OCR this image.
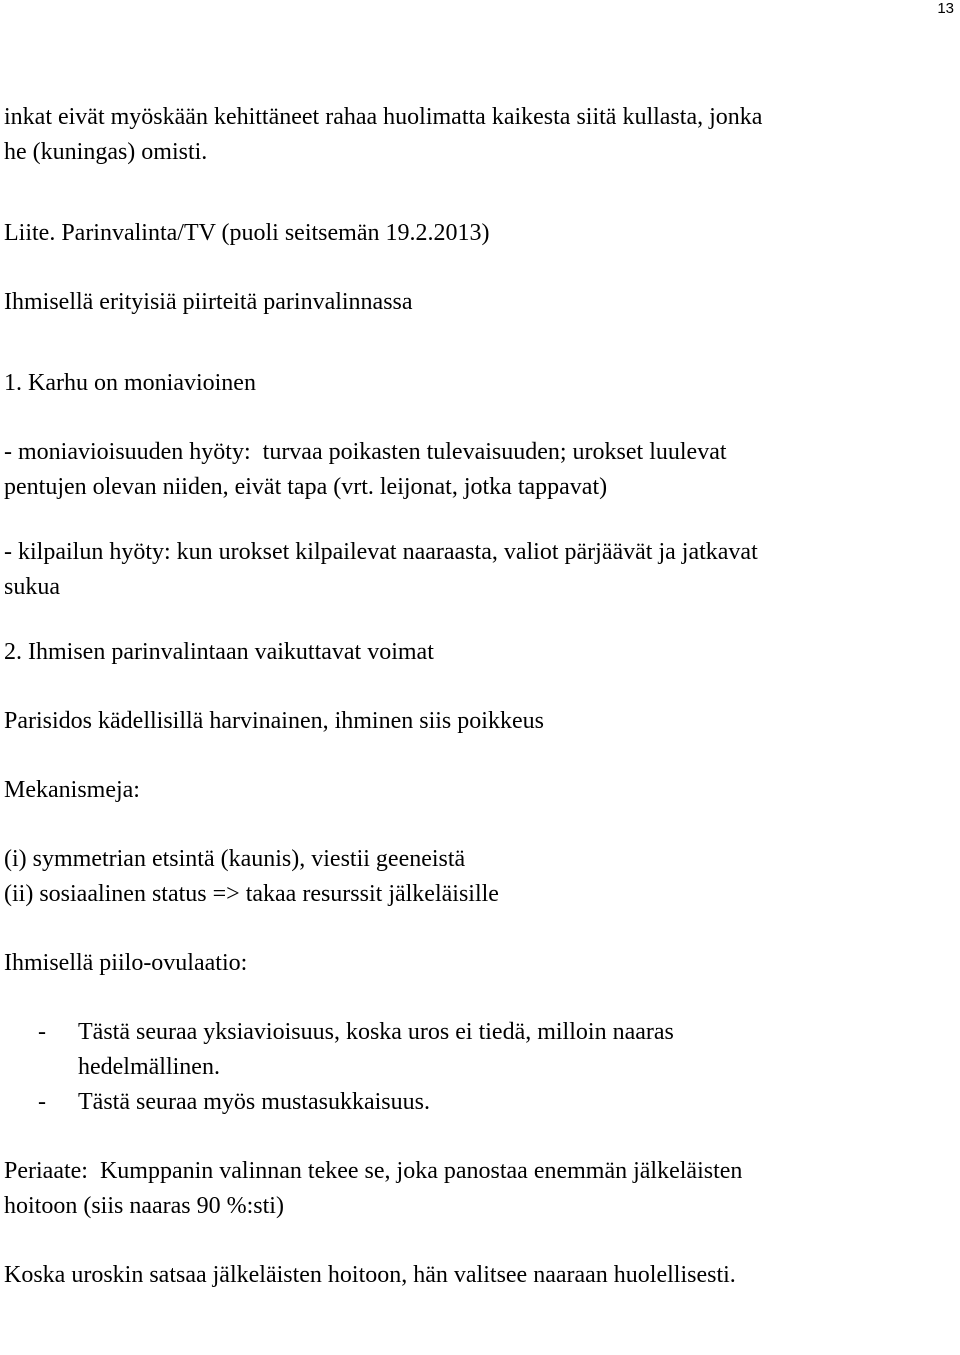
13

inkat eivät myöskään kehittäneet rahaa huolimatta kaikesta siitä kullasta, jonka
he (kuningas) omisti.

Liite. Parinvalinta/TV (puoli seitsemän 19.2.2013)

Ihmisellä erityisiä piirteitä parinvalinnassa

1. Karhu on moniavioinen

- moniavioisuuden hyöty:  turvaa poikasten tulevaisuuden; urokset luulevat
pentujen olevan niiden, eivät tapa (vrt. leijonat, jotka tappavat)

- kilpailun hyöty: kun urokset kilpailevat naaraasta, valiot pärjäävät ja jatkavat
sukua

2. Ihmisen parinvalintaan vaikuttavat voimat

Parisidos kädellisillä harvinainen, ihminen siis poikkeus

Mekanismeja:

(i) symmetrian etsintä (kaunis), viestii geeneistä
(ii) sosiaalinen status => takaa resurssit jälkeläisille

Ihmisellä piilo-ovulaatio:

- Tästä seuraa yksiavioisuus, koska uros ei tiedä, milloin naaras
hedelmällinen.
- Tästä seuraa myös mustasukkaisuus.

Periaate:  Kumppanin valinnan tekee se, joka panostaa enemmän jälkeläisten
hoitoon (siis naaras 90 %:sti)

Koska uroskin satsaa jälkeläisten hoitoon, hän valitsee naaraan huolellisesti.
